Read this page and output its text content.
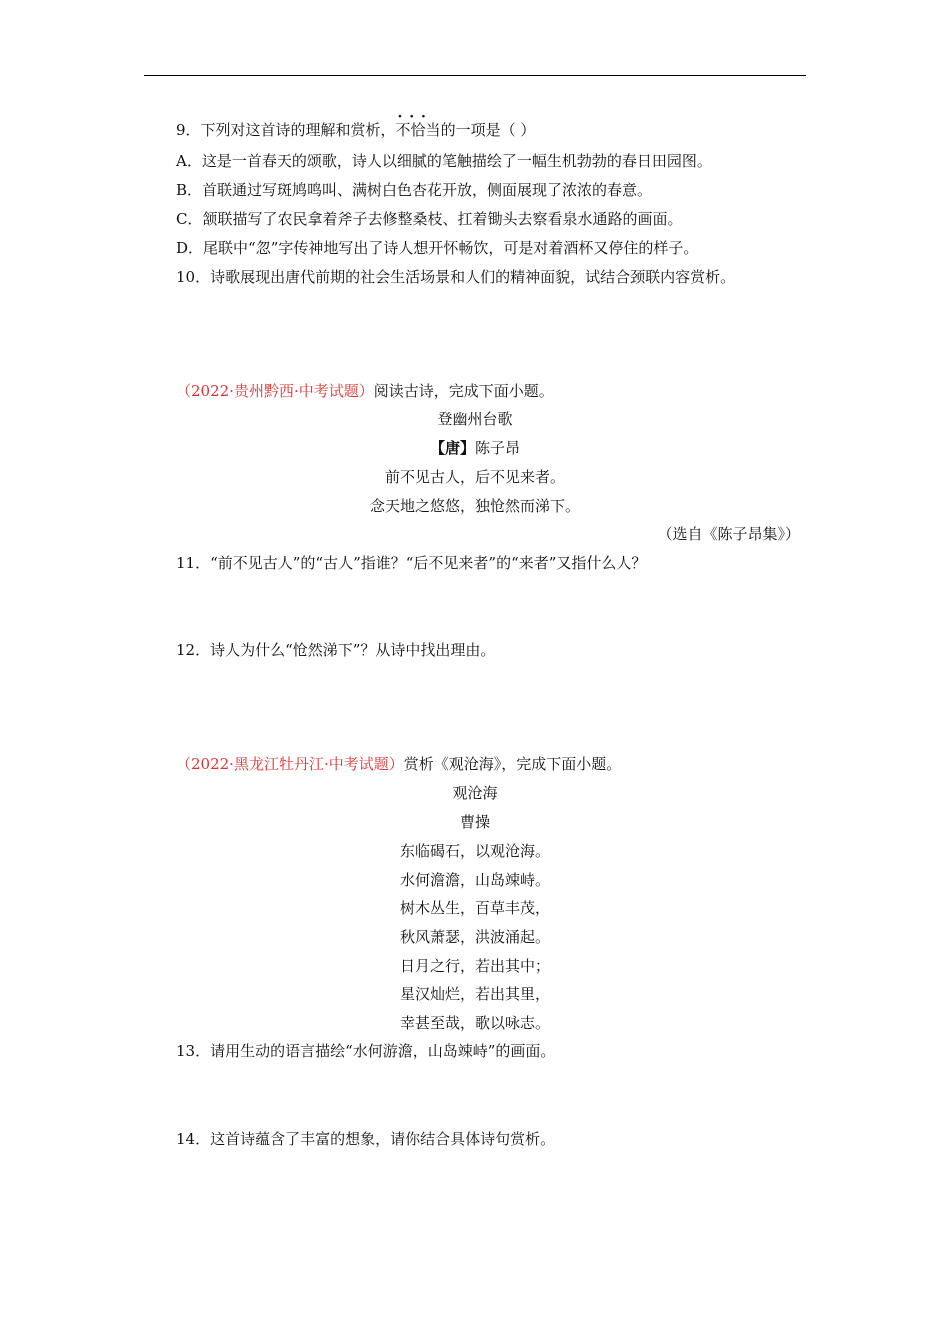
9．下列对这首诗的理解和赏析，· · · 不恰当的一项是（ ）
A．这是一首春天的颂歌，诗人以细腻的笔触描绘了一幅生机勃勃的春日田园图。
B．首联通过写斑鸠鸣叫、满树白色杏花开放，侧面展现了浓浓的春意。
C．颔联描写了农民拿着斧子去修整桑枝、扛着锄头去察看泉水通路的画面。
D．尾联中“忽”字传神地写出了诗人想开怀畅饮，可是对着酒杯又停住的样子。
10．诗歌展现出唐代前期的社会生活场景和人们的精神面貌，试结合颈联内容赏析。
（2022·贵州黔西·中考试题）阅读古诗，完成下面小题。
登幽州台歌
【唐】陈子昂
前不见古人，后不见来者。
念天地之悠悠，独怆然而涕下。
（选自《陈子昂集》）
11．“前不见古人”的“古人”指谁？“后不见来者”的“来者”又指什么人？
12．诗人为什么“怆然涕下”？从诗中找出理由。
（2022·黑龙江牡丹江·中考试题）赏析《观沧海》，完成下面小题。
观沧海
曹操
东临碣石，以观沧海。
水何澹澹，山岛竦峙。
树木丛生，百草丰茂，
秋风萧瑟，洪波涌起。
日月之行，若出其中；
星汉灿烂，若出其里，
幸甚至哉，歌以咏志。
13．请用生动的语言描绘“水何游澹，山岛竦峙”的画面。
14．这首诗蕴含了丰富的想象，请你结合具体诗句赏析。
